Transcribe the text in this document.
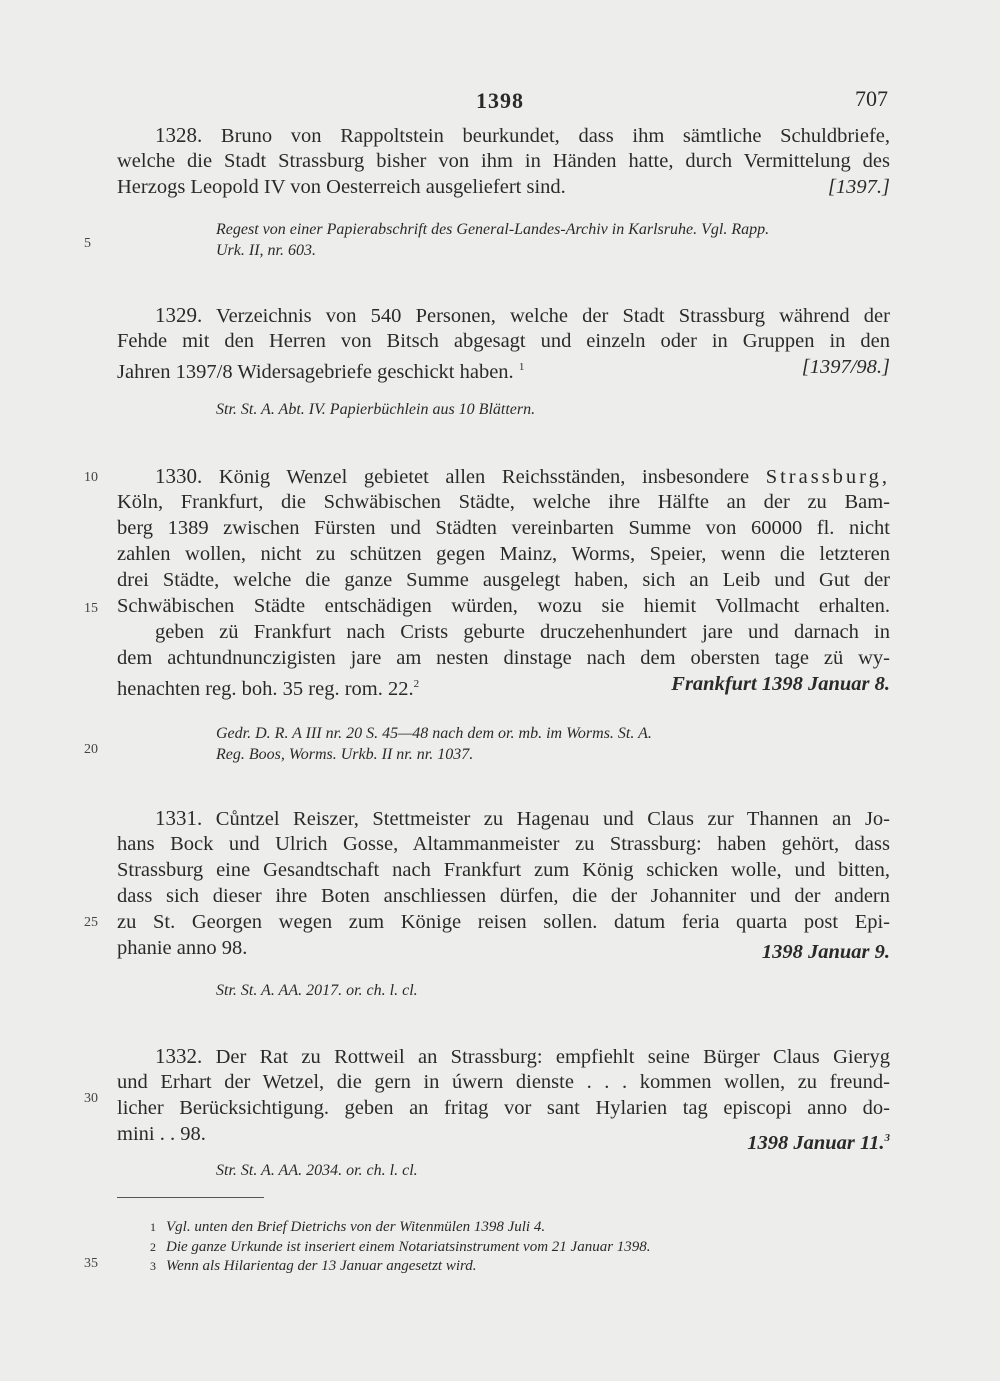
1398	707
5
10
15
20
25
30
35
1328. Bruno von Rappoltstein beurkundet, dass ihm sämtliche Schuldbriefe,
welche die Stadt Strassburg bisher von ihm in Händen hatte, durch Vermittelung des
Herzogs Leopold IV von Oesterreich ausgeliefert sind.	[1397.]
Regest von einer Papierabschrift des General-Landes-Archiv in Karlsruhe. Vgl. Rapp.
Urk. II, nr. 603.
1329. Verzeichnis von 540 Personen, welche der Stadt Strassburg während der
Fehde mit den Herren von Bitsch abgesagt und einzeln oder in Gruppen in den
Jahren 1397/8 Widersagebriefe geschickt haben. $^1$	[1397/98.]
Str. St. A. Abt. IV. Papierbüchlein aus 10 Blättern.
1330. König Wenzel gebietet allen Reichsständen, insbesondere Strassburg,
Köln, Frankfurt, die Schwäbischen Städte, welche ihre Hälfte an der zu Bam-
berg 1389 zwischen Fürsten und Städten vereinbarten Summe von 60000 fl. nicht
zahlen wollen, nicht zu schützen gegen Mainz, Worms, Speier, wenn die letzteren
drei Städte, welche die ganze Summe ausgelegt haben, sich an Leib und Gut der
Schwäbischen Städte entschädigen würden, wozu sie hiemit Vollmacht erhalten.
geben zü Frankfurt nach Crists geburte druczehenhundert jare und darnach in
dem achtundnunczigisten jare am nesten dinstage nach dem obersten tage zü wy-
henachten reg. boh. 35 reg. rom. 22.$^2$	Frankfurt 1398 Januar 8.
Gedr. D. R. A III nr. 20 S. 45—48 nach dem or. mb. im Worms. St. A.
Reg. Boos, Worms. Urkb. II nr. nr. 1037.
1331. Cůntzel Reiszer, Stettmeister zu Hagenau und Claus zur Thannen an Jo-
hans Bock und Ulrich Gosse, Altammanmeister zu Strassburg: haben gehört, dass
Strassburg eine Gesandtschaft nach Frankfurt zum König schicken wolle, und bitten,
dass sich dieser ihre Boten anschliessen dürfen, die der Johanniter und der andern
zu St. Georgen wegen zum Könige reisen sollen. datum feria quarta post Epi-
phanie anno 98.	1398 Januar 9.
Str. St. A. AA. 2017. or. ch. l. cl.
1332. Der Rat zu Rottweil an Strassburg: empfiehlt seine Bürger Claus Gieryg
und Erhart der Wetzel, die gern in úwern dienste . . . kommen wollen, zu freund-
licher Berücksichtigung. geben an fritag vor sant Hylarien tag episcopi anno do-
mini . . 98.	1398 Januar 11.$^3$
Str. St. A. AA. 2034. or. ch. l. cl.
1 Vgl. unten den Brief Dietrichs von der Witenmülen 1398 Juli 4.
2 Die ganze Urkunde ist inseriert einem Notariatsinstrument vom 21 Januar 1398.
3 Wenn als Hilarientag der 13 Januar angesetzt wird.
